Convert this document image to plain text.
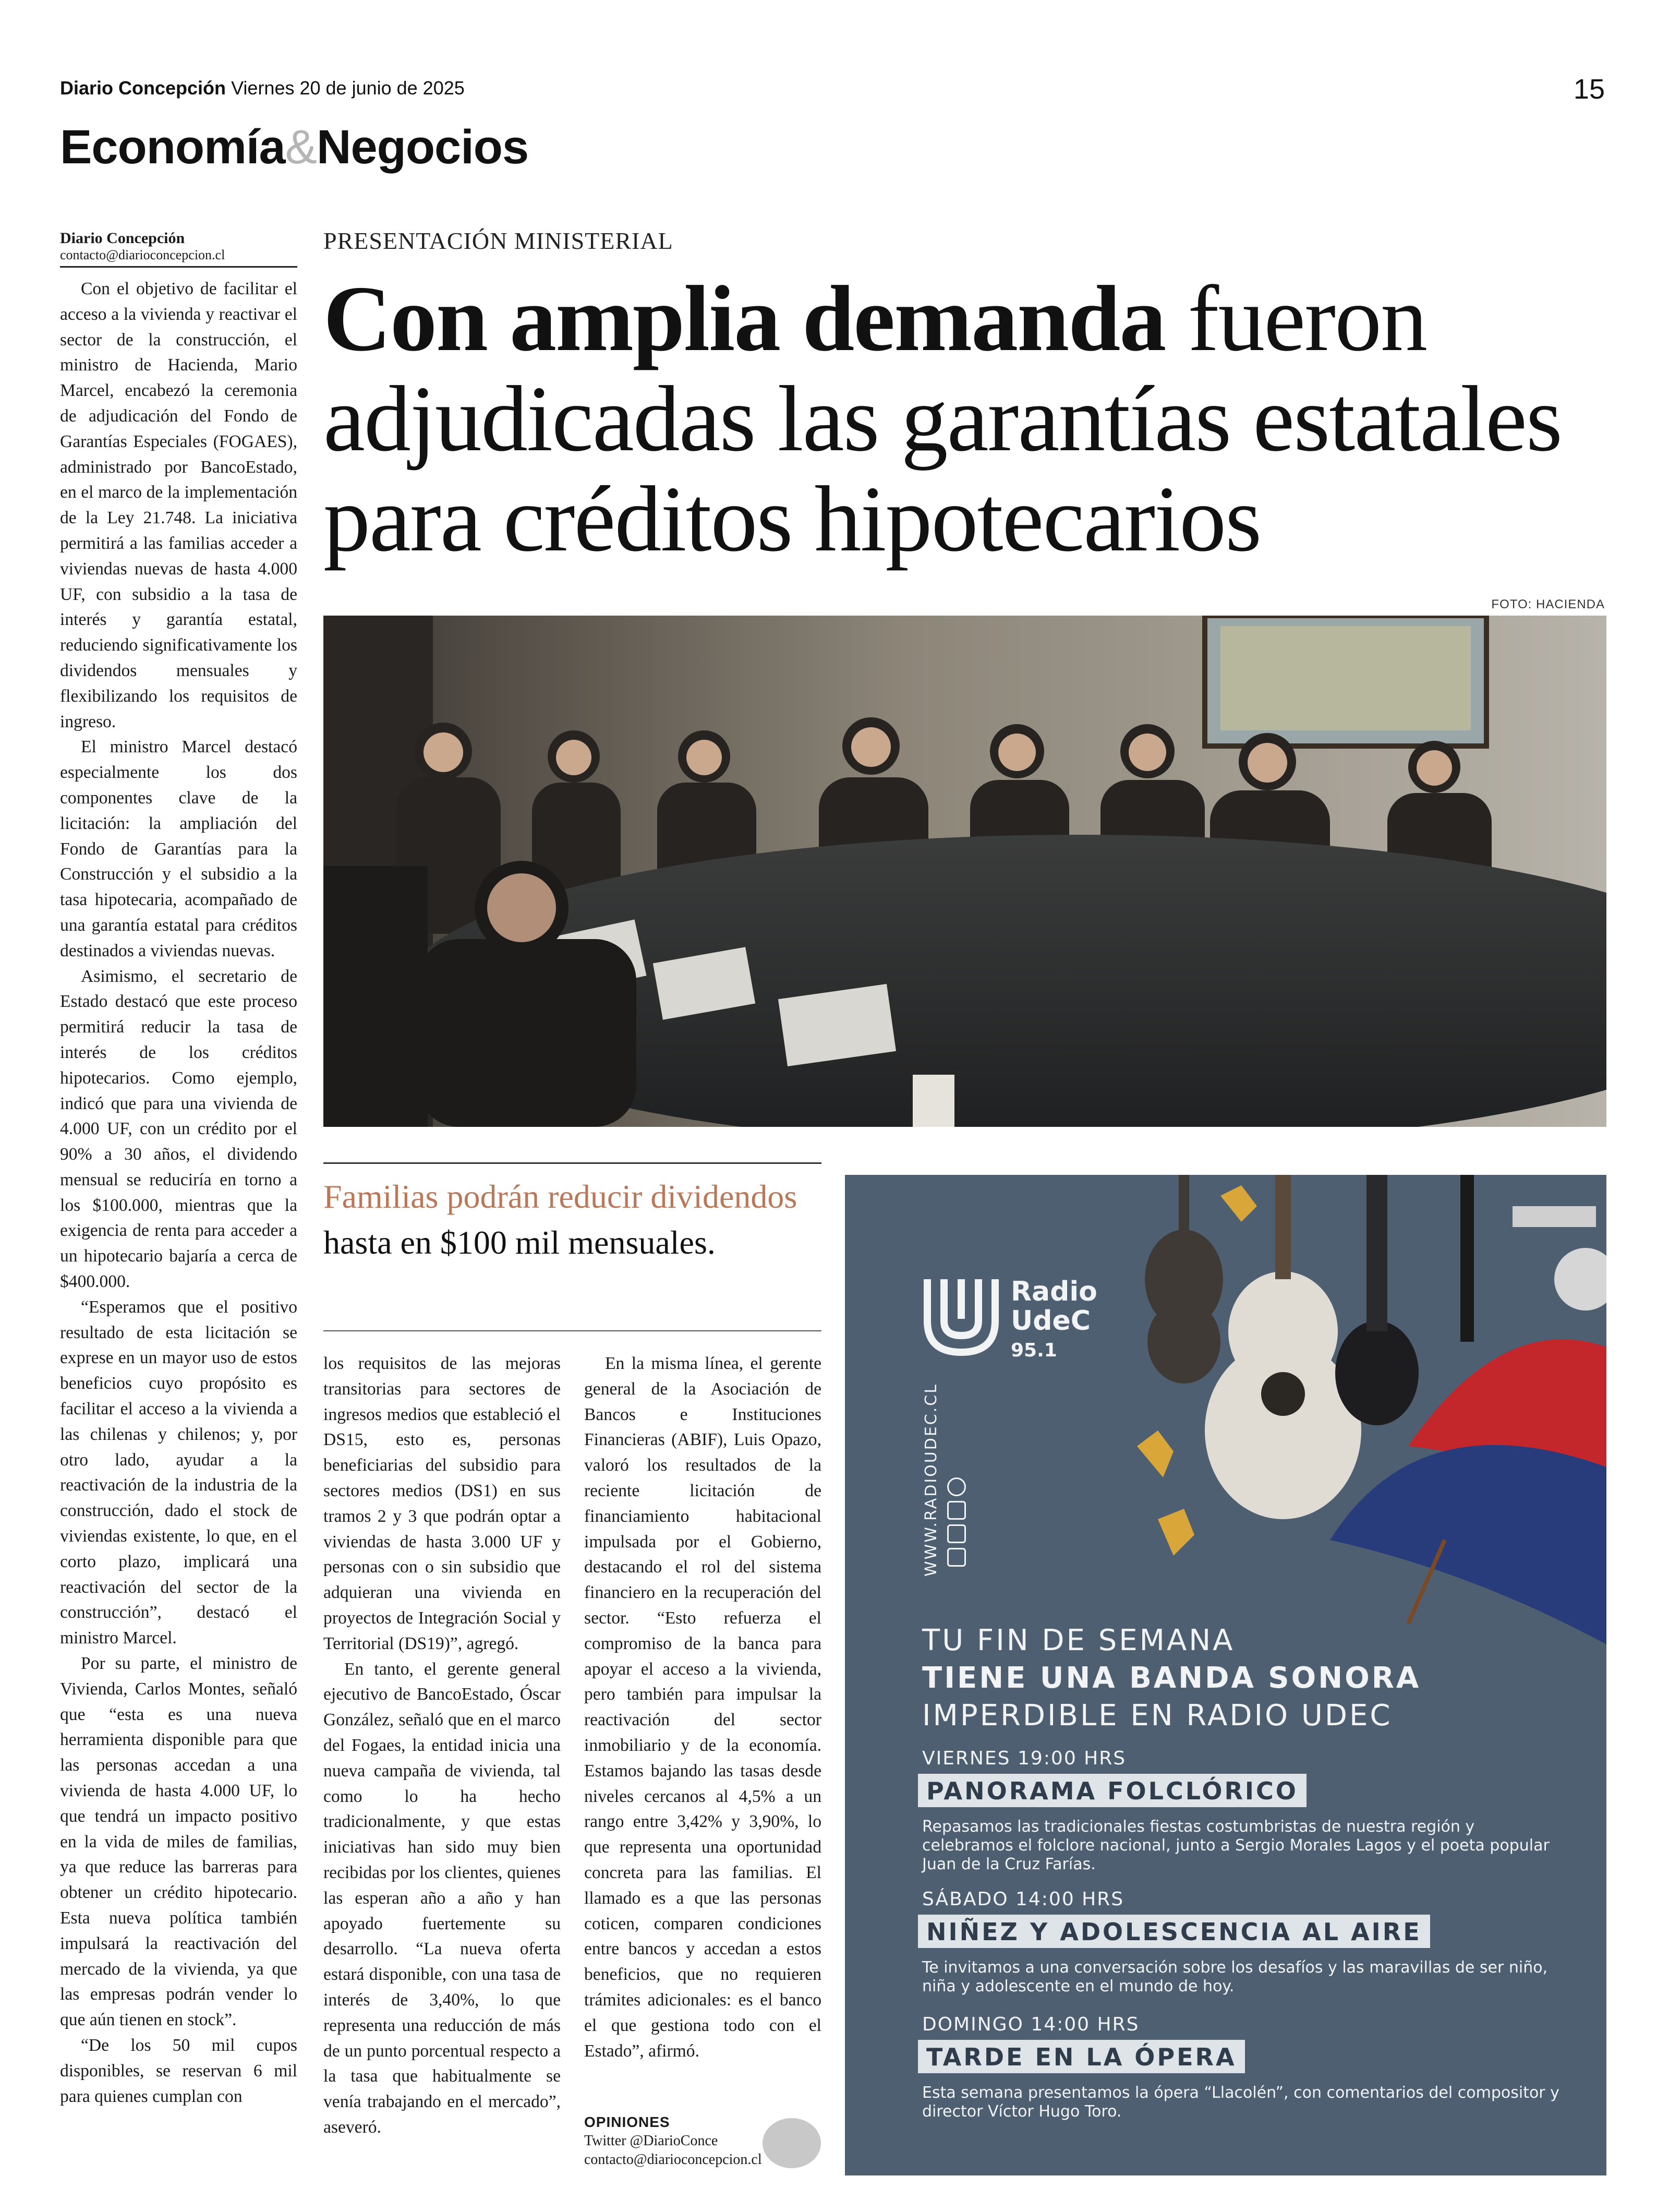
Diario Concepción Viernes 20 de junio de 2025	15
Economía&Negocios
Diario Concepción
contacto@diarioconcepcion.cl

Con el objetivo de facilitar el acceso a la vivienda y reactivar el sector de la construcción, el ministro de Hacienda, Mario Marcel, encabezó la ceremonia de adjudicación del Fondo de Garantías Especiales (FOGAES), administrado por BancoEstado, en el marco de la implementación de la Ley 21.748. La iniciativa permitirá a las familias acceder a viviendas nuevas de hasta 4.000 UF, con subsidio a la tasa de interés y garantía estatal, reduciendo significativamente los dividendos mensuales y flexibilizando los requisitos de ingreso.

El ministro Marcel destacó especialmente los dos componentes clave de la licitación: la ampliación del Fondo de Garantías para la Construcción y el subsidio a la tasa hipotecaria, acompañado de una garantía estatal para créditos destinados a viviendas nuevas.

Asimismo, el secretario de Estado destacó que este proceso permitirá reducir la tasa de interés de los créditos hipotecarios. Como ejemplo, indicó que para una vivienda de 4.000 UF, con un crédito por el 90% a 30 años, el dividendo mensual se reduciría en torno a los $100.000, mientras que la exigencia de renta para acceder a un hipotecario bajaría a cerca de $400.000.

“Esperamos que el positivo resultado de esta licitación se exprese en un mayor uso de estos beneficios cuyo propósito es facilitar el acceso a la vivienda a las chilenas y chilenos; y, por otro lado, ayudar a la reactivación de la industria de la construcción, dado el stock de viviendas existente, lo que, en el corto plazo, implicará una reactivación del sector de la construcción”, destacó el ministro Marcel.

Por su parte, el ministro de Vivienda, Carlos Montes, señaló que “esta es una nueva herramienta disponible para que las personas accedan a una vivienda de hasta 4.000 UF, lo que tendrá un impacto positivo en la vida de miles de familias, ya que reduce las barreras para obtener un crédito hipotecario. Esta nueva política también impulsará la reactivación del mercado de la vivienda, ya que las empresas podrán vender lo que aún tienen en stock”.

“De los 50 mil cupos disponibles, se reservan 6 mil para quienes cumplan con

PRESENTACIÓN MINISTERIAL
Con amplia demanda fueron adjudicadas las garantías estatales para créditos hipotecarios
FOTO: HACIENDA
Familias podrán reducir dividendos hasta en $100 mil mensuales.

los requisitos de las mejoras transitorias para sectores de ingresos medios que estableció el DS15, esto es, personas beneficiarias del subsidio para sectores medios (DS1) en sus tramos 2 y 3 que podrán optar a viviendas de hasta 3.000 UF y personas con o sin subsidio que adquieran una vivienda en proyectos de Integración Social y Territorial (DS19)”, agregó.

En tanto, el gerente general ejecutivo de BancoEstado, Óscar González, señaló que en el marco del Fogaes, la entidad inicia una nueva campaña de vivienda, tal como lo ha hecho tradicionalmente, y que estas iniciativas han sido muy bien recibidas por los clientes, quienes las esperan año a año y han apoyado fuertemente su desarrollo. “La nueva oferta estará disponible, con una tasa de interés de 3,40%, lo que representa una reducción de más de un punto porcentual respecto a la tasa que habitualmente se venía trabajando en el mercado”, aseveró.

En la misma línea, el gerente general de la Asociación de Bancos e Instituciones Financieras (ABIF), Luis Opazo, valoró los resultados de la reciente licitación de financiamiento habitacional impulsada por el Gobierno, destacando el rol del sistema financiero en la recuperación del sector. “Esto refuerza el compromiso de la banca para apoyar el acceso a la vivienda, pero también para impulsar la reactivación del sector inmobiliario y de la economía. Estamos bajando las tasas desde niveles cercanos al 4,5% a un rango entre 3,42% y 3,90%, lo que representa una oportunidad concreta para las familias. El llamado es a que las personas coticen, comparen condiciones entre bancos y accedan a estos beneficios, que no requieren trámites adicionales: es el banco el que gestiona todo con el Estado”, afirmó.

OPINIONES
Twitter @DiarioConce
contacto@diarioconcepcion.cl
Radio
UdeC
95.1
WWW.RADIOUDEC.CL
TU FIN DE SEMANA
TIENE UNA BANDA SONORA
IMPERDIBLE EN RADIO UDEC
VIERNES 19:00 HRS
PANORAMA FOLCLÓRICO
Repasamos las tradicionales fiestas costumbristas de nuestra región y celebramos el folclore nacional, junto a Sergio Morales Lagos y el poeta popular Juan de la Cruz Farías.
SÁBADO 14:00 HRS
NIÑEZ Y ADOLESCENCIA AL AIRE
Te invitamos a una conversación sobre los desafíos y las maravillas de ser niño, niña y adolescente en el mundo de hoy.
DOMINGO 14:00 HRS
TARDE EN LA ÓPERA
Esta semana presentamos la ópera “Llacolén”, con comentarios del compositor y director Víctor Hugo Toro.
